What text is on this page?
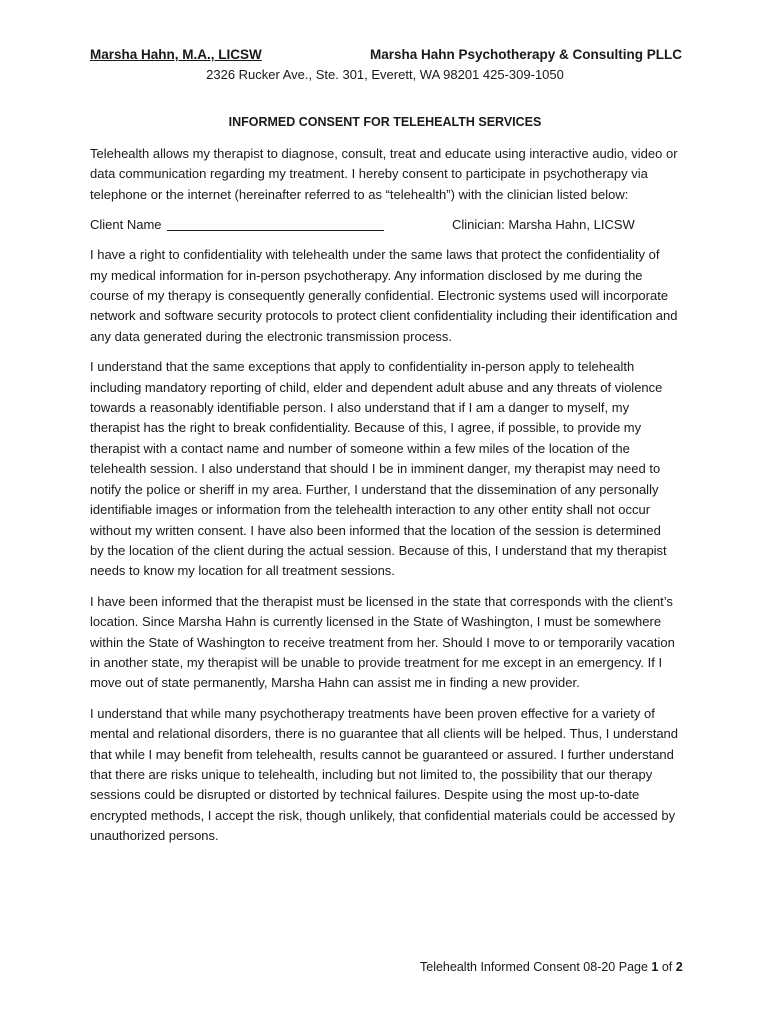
Marsha Hahn, M.A., LICSW	Marsha Hahn Psychotherapy & Consulting PLLC
2326 Rucker Ave., Ste. 301, Everett, WA 98201 425-309-1050
INFORMED CONSENT FOR TELEHEALTH SERVICES

Telehealth allows my therapist to diagnose, consult, treat and educate using interactive audio, video or data communication regarding my treatment. I hereby consent to participate in psychotherapy via telephone or the internet (hereinafter referred to as “telehealth”) with the clinician listed below:

Client Name	Clinician: Marsha Hahn, LICSW

I have a right to confidentiality with telehealth under the same laws that protect the confidentiality of my medical information for in-person psychotherapy. Any information disclosed by me during the course of my therapy is consequently generally confidential. Electronic systems used will incorporate network and software security protocols to protect client confidentiality including their identification and any data generated during the electronic transmission process.

I understand that the same exceptions that apply to confidentiality in-person apply to telehealth including mandatory reporting of child, elder and dependent adult abuse and any threats of violence towards a reasonably identifiable person. I also understand that if I am a danger to myself, my therapist has the right to break confidentiality. Because of this, I agree, if possible, to provide my therapist with a contact name and number of someone within a few miles of the location of the telehealth session. I also understand that should I be in imminent danger, my therapist may need to notify the police or sheriff in my area. Further, I understand that the dissemination of any personally identifiable images or information from the telehealth interaction to any other entity shall not occur without my written consent. I have also been informed that the location of the session is determined by the location of the client during the actual session. Because of this, I understand that my therapist needs to know my location for all treatment sessions.

I have been informed that the therapist must be licensed in the state that corresponds with the client’s location. Since Marsha Hahn is currently licensed in the State of Washington, I must be somewhere within the State of Washington to receive treatment from her. Should I move to or temporarily vacation in another state, my therapist will be unable to provide treatment for me except in an emergency. If I move out of state permanently, Marsha Hahn can assist me in finding a new provider.

I understand that while many psychotherapy treatments have been proven effective for a variety of mental and relational disorders, there is no guarantee that all clients will be helped. Thus, I understand that while I may benefit from telehealth, results cannot be guaranteed or assured. I further understand that there are risks unique to telehealth, including but not limited to, the possibility that our therapy sessions could be disrupted or distorted by technical failures. Despite using the most up-to-date encrypted methods, I accept the risk, though unlikely, that confidential materials could be accessed by unauthorized persons.

Telehealth Informed Consent 08-20 Page 1 of 2
